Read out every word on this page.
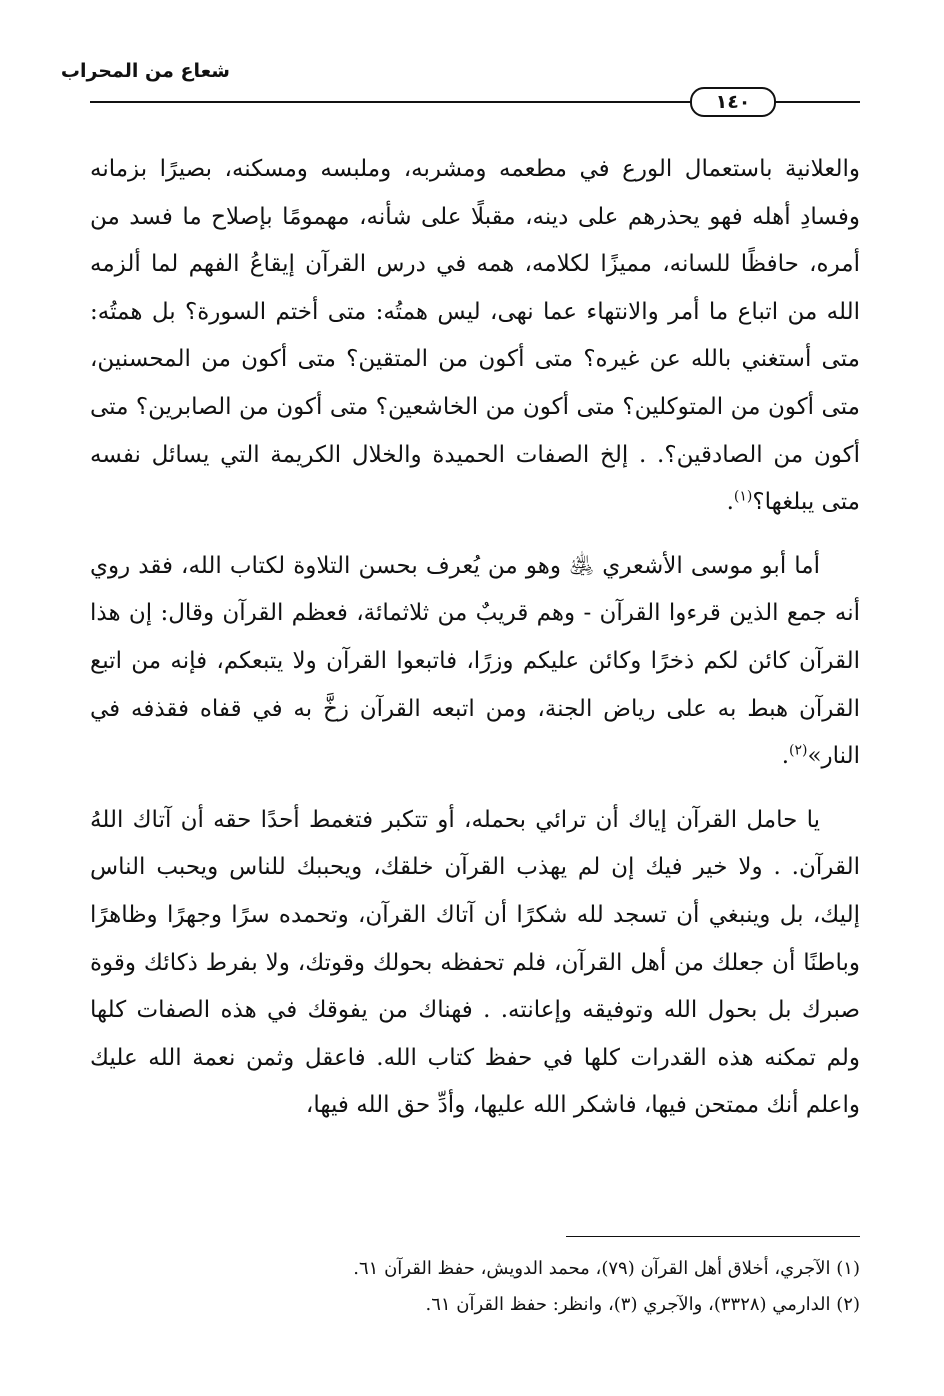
شعاع من المحراب
١٤٠

والعلانية باستعمال الورع في مطعمه ومشربه، وملبسه ومسكنه، بصيرًا بزمانه وفسادِ أهله فهو يحذرهم على دينه، مقبلًا على شأنه، مهمومًا بإصلاح ما فسد من أمره، حافظًا للسانه، مميزًا لكلامه، همه في درس القرآن إيقاعُ الفهم لما ألزمه الله من اتباع ما أمر والانتهاء عما نهى، ليس همتُه: متى أختم السورة؟ بل همتُه: متى أستغني بالله عن غيره؟ متى أكون من المتقين؟ متى أكون من المحسنين، متى أكون من المتوكلين؟ متى أكون من الخاشعين؟ متى أكون من الصابرين؟ متى أكون من الصادقين؟. . إلخ الصفات الحميدة والخلال الكريمة التي يسائل نفسه متى يبلغها؟$^{(١)}$.

أما أبو موسى الأشعري ﵁ وهو من يُعرف بحسن التلاوة لكتاب الله، فقد روي أنه جمع الذين قرءوا القرآن - وهم قريبٌ من ثلاثمائة، فعظم القرآن وقال: إن هذا القرآن كائن لكم ذخرًا وكائن عليكم وزرًا، فاتبعوا القرآن ولا يتبعكم، فإنه من اتبع القرآن هبط به على رياض الجنة، ومن اتبعه القرآن زخَّ به في قفاه فقذفه في النار»$^{(٢)}$.

يا حامل القرآن إياك أن ترائي بحمله، أو تتكبر فتغمط أحدًا حقه أن آتاك اللهُ القرآن. . ولا خير فيك إن لم يهذب القرآن خلقك، ويحببك للناس ويحبب الناس إليك، بل وينبغي أن تسجد لله شكرًا أن آتاك القرآن، وتحمده سرًا وجهرًا وظاهرًا وباطنًا أن جعلك من أهل القرآن، فلم تحفظه بحولك وقوتك، ولا بفرط ذكائك وقوة صبرك بل بحول الله وتوفيقه وإعانته. . فهناك من يفوقك في هذه الصفات كلها ولم تمكنه هذه القدرات كلها في حفظ كتاب الله. فاعقل وثمن نعمة الله عليك واعلم أنك ممتحن فيها، فاشكر الله عليها، وأدِّ حق الله فيها،

(١) الآجري، أخلاق أهل القرآن (٧٩)، محمد الدويش، حفظ القرآن ٦١.

(٢) الدارمي (٣٣٢٨)، والآجري (٣)، وانظر: حفظ القرآن ٦١.
